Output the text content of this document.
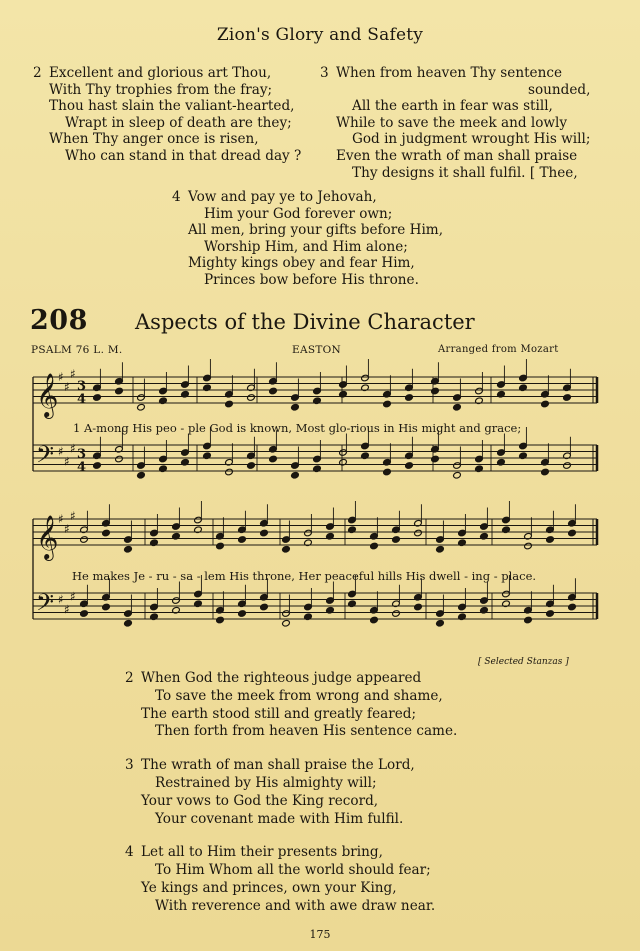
Zion's Glory and Safety
2 Excellent and glorious art Thou,
With Thy trophies from the fray;
Thou hast slain the valiant-hearted,
Wrapt in sleep of death are they;
When Thy anger once is risen,
Who can stand in that dread day ?
3 When from heaven Thy sentence
sounded,
All the earth in fear was still,
While to save the meek and lowly
God in judgment wrought His will;
Even the wrath of man shall praise
Thy designs it shall fulfil. [ Thee,
4 Vow and pay ye to Jehovah,
Him your God forever own;
All men, bring your gifts before Him,
Worship Him, and Him alone;
Mighty kings obey and fear Him,
Princes bow before His throne.
208 Aspects of the Divine Character
PSALM 76 L. M.	EASTON	Arranged from Mozart
𝄞 ♯
♯
♯
3
4
𝄢 ♯
♯
♯ 3
4
𝄞 ♯
♯
♯
𝄢 ♯
♯
♯
1 A-mong His peo - ple God is known, Most glo-rious in His might and grace;
He makes Je - ru - sa - lem His throne, Her peaceful hills His dwell - ing - place.
[ Selected Stanzas ]
2 When God the righteous judge appeared
To save the meek from wrong and shame,
The earth stood still and greatly feared;
Then forth from heaven His sentence came.
3 The wrath of man shall praise the Lord,
Restrained by His almighty will;
Your vows to God the King record,
Your covenant made with Him fulfil.
4 Let all to Him their presents bring,
To Him Whom all the world should fear;
Ye kings and princes, own your King,
With reverence and with awe draw near.
175
